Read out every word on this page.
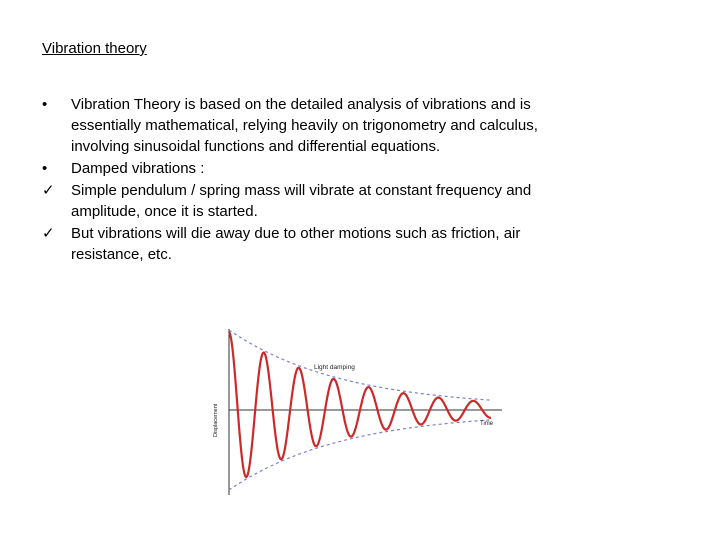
Vibration theory
•	Vibration Theory is based on the detailed analysis of vibrations and is
essentially mathematical, relying heavily on trigonometry and calculus,
involving sinusoidal functions and differential equations.
•	Damped vibrations :
✓	Simple pendulum / spring mass will vibrate at constant frequency and
amplitude, once it is started.
✓	But vibrations will die away due to other motions such as friction, air
resistance, etc.
Light damping
Time
Displacement
